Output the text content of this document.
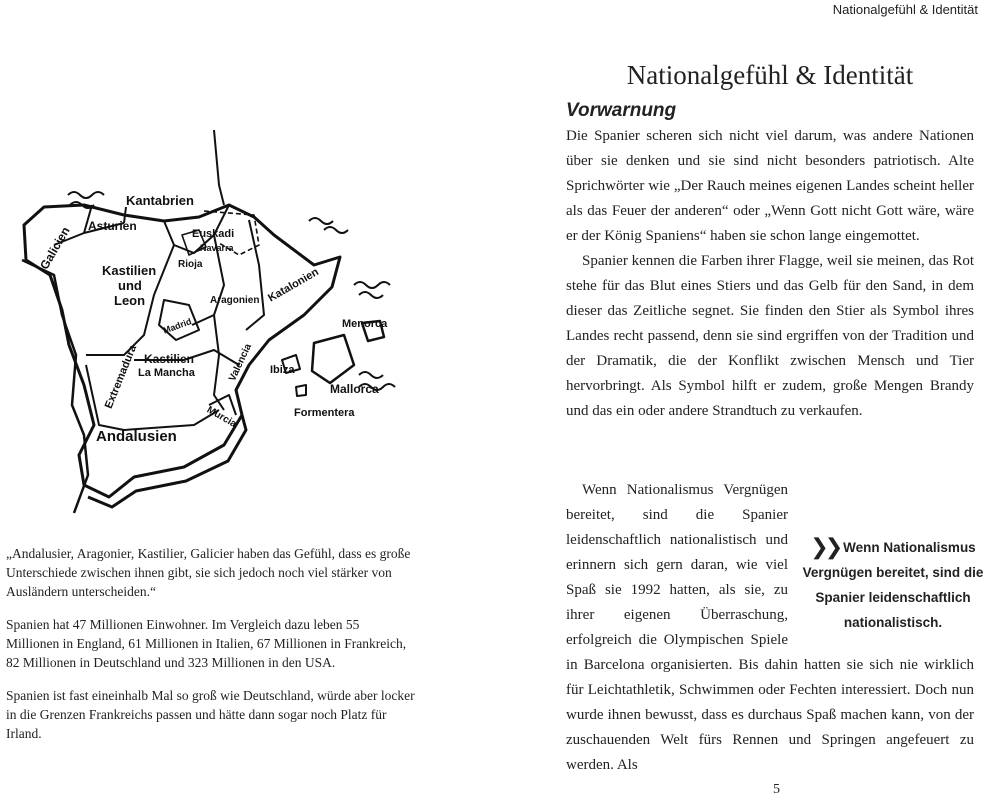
Nationalgefühl & Identität
Galicien Asturien
Kantabrien
Euskadi
Navarra
Rioja
Kastilien
und
Leon	Aragonien Katalonien
Madrid
Extremadura Kastilien
La Mancha	Valencia
Murcia
Andalusien
Menorca
Mallorca
Ibiza
Formentera

„Andalusier, Aragonier, Kastilier, Galicier haben das Gefühl, dass es große Unterschiede zwischen ihnen gibt, sie sich jedoch noch viel stärker von Ausländern unterscheiden.“

Spanien hat 47 Millionen Einwohner. Im Vergleich dazu leben 55 Millionen in England, 61 Millionen in Italien, 67 Millionen in Frankreich, 82 Millionen in Deutschland und 323 Millionen in den USA.

Spanien ist fast eineinhalb Mal so groß wie Deutschland, würde aber locker in die Grenzen Frankreichs passen und hätte dann sogar noch Platz für Irland.

Nationalgefühl & Identität
Vorwarnung

Die Spanier scheren sich nicht viel darum, was andere Nationen über sie denken und sie sind nicht besonders patriotisch. Alte Sprichwörter wie „Der Rauch meines eigenen Landes scheint heller als das Feuer der anderen“ oder „Wenn Gott nicht Gott wäre, wäre er der König Spaniens“ haben sie schon lange eingemottet.

Spanier kennen die Farben ihrer Flagge, weil sie meinen, das Rot stehe für das Blut eines Stiers und das Gelb für den Sand, in dem dieser das Zeitliche segnet. Sie finden den Stier als Symbol ihres Landes recht passend, denn sie sind ergriffen von der Tradition und der Dramatik, die der Konflikt zwischen Mensch und Tier hervorbringt. Als Symbol hilft er zudem, große Mengen Brandy und das ein oder andere Strandtuch zu verkaufen.

❯❯ Wenn Nationalismus Vergnügen bereitet, sind die Spanier leidenschaftlich nationalistisch.

Wenn Nationalismus Vergnügen bereitet, sind die Spanier leidenschaftlich nationalistisch und erinnern sich gern daran, wie viel Spaß sie 1992 hatten, als sie, zu ihrer eigenen Überraschung, erfolgreich die Olympischen Spiele in Barcelona organisierten. Bis dahin hatten sie sich nie wirklich für Leichtathletik, Schwimmen oder Fechten interessiert. Doch nun wurde ihnen bewusst, dass es durchaus Spaß machen kann, von der zuschauenden Welt fürs Rennen und Springen angefeuert zu werden. Als

5
